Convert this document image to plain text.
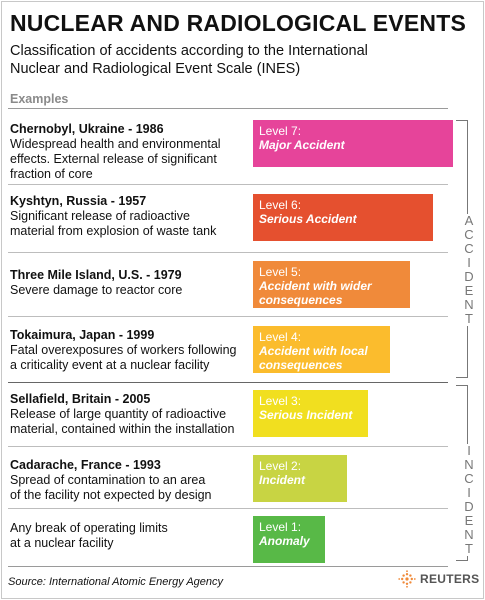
NUCLEAR AND RADIOLOGICAL EVENTS
Classification of accidents according to the International
Nuclear and Radiological Event Scale (INES)
Examples
Chernobyl, Ukraine - 1986
Widespread health and environmental
effects. External release of significant
fraction of core
Level 7:
Major Accident
Kyshtyn, Russia - 1957
Significant release of radioactive
material from explosion of waste tank
Level 6:
Serious Accident
Three Mile Island, U.S. - 1979
Severe damage to reactor core
Level 5:
Accident with wider
consequences
Tokaimura, Japan - 1999
Fatal overexposures of workers following
a criticality event at a nuclear facility
Level 4:
Accident with local
consequences
Sellafield, Britain - 2005
Release of large quantity of radioactive
material, contained within the installation
Level 3:
Serious Incident
Cadarache, France - 1993
Spread of contamination to an area
of the facility not expected by design
Level 2:
Incident
Any break of operating limits
at a nuclear facility
Level 1:
Anomaly
A
C
C
I
D
E
N
T
I
N
C
I
D
E
N
T
Source: International Atomic Energy Agency	REUTERS
